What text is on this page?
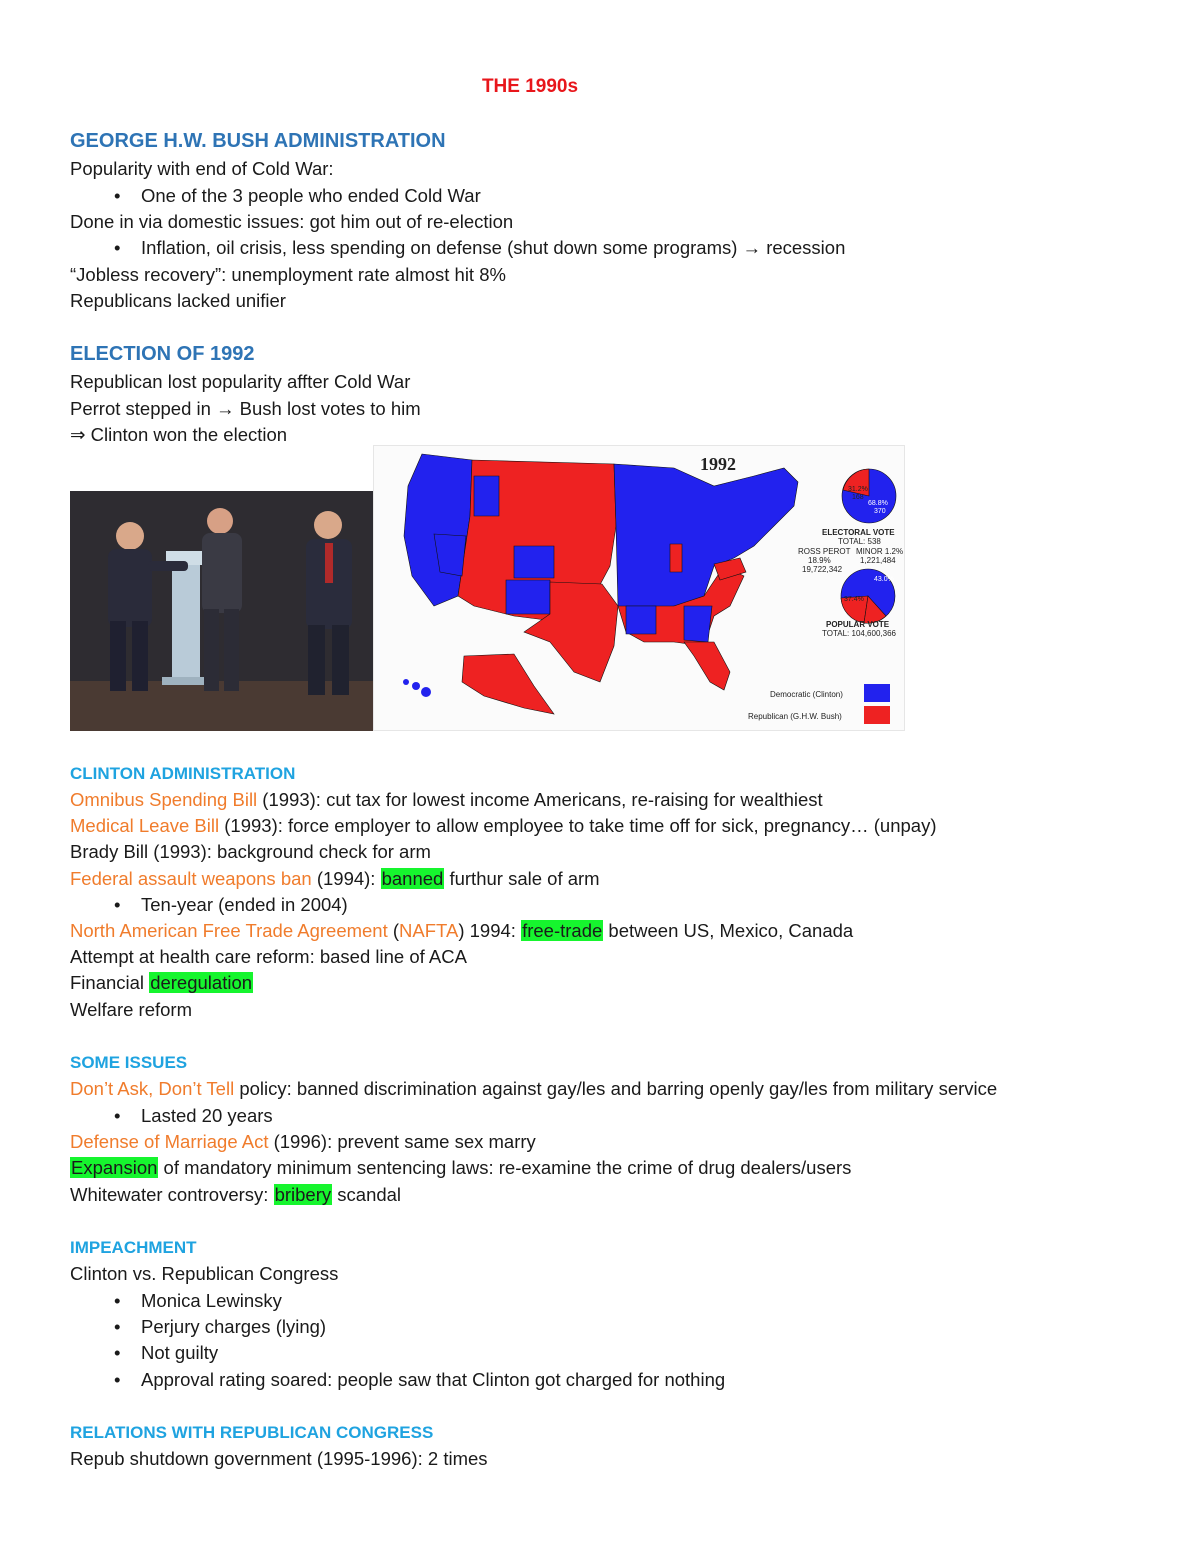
THE 1990s
GEORGE H.W. BUSH ADMINISTRATION
Popularity with end of Cold War:
• One of the 3 people who ended Cold War
Done in via domestic issues: got him out of re-election
• Inflation, oil crisis, less spending on defense (shut down some programs) → recession
“Jobless recovery”: unemployment rate almost hit 8%
Republicans lacked unifier
ELECTION OF 1992
Republican lost popularity affter Cold War
Perrot stepped in → Bush lost votes to him
⇒ Clinton won the election
CLINTON ADMINISTRATION
Omnibus Spending Bill (1993): cut tax for lowest income Americans, re-raising for wealthiest
Medical Leave Bill (1993): force employer to allow employee to take time off for sick, pregnancy… (unpay)
Brady Bill (1993): background check for arm
Federal assault weapons ban (1994): banned furthur sale of arm
• Ten-year (ended in 2004)
North American Free Trade Agreement (NAFTA) 1994: free-trade between US, Mexico, Canada
Attempt at health care reform: based line of ACA
Financial deregulation
Welfare reform
SOME ISSUES
Don’t Ask, Don’t Tell policy: banned discrimination against gay/les and barring openly gay/les from military service
• Lasted 20 years
Defense of Marriage Act (1996): prevent same sex marry
Expansion of mandatory minimum sentencing laws: re-examine the crime of drug dealers/users
Whitewater controversy: bribery scandal
IMPEACHMENT
Clinton vs. Republican Congress
• Monica Lewinsky
• Perjury charges (lying)
• Not guilty
• Approval rating soared: people saw that Clinton got charged for nothing
RELATIONS WITH REPUBLICAN CONGRESS
Repub shutdown government (1995-1996): 2 times
1992
31.2%
168
68.8%
370
ELECTORAL VOTE
TOTAL: 538
ROSS PEROT
18.9%
19,722,342
MINOR 1.2%
1,221,484
43.0%
37.4%
POPULAR VOTE
TOTAL: 104,600,366
Democratic (Clinton)
Republican (G.H.W. Bush)
